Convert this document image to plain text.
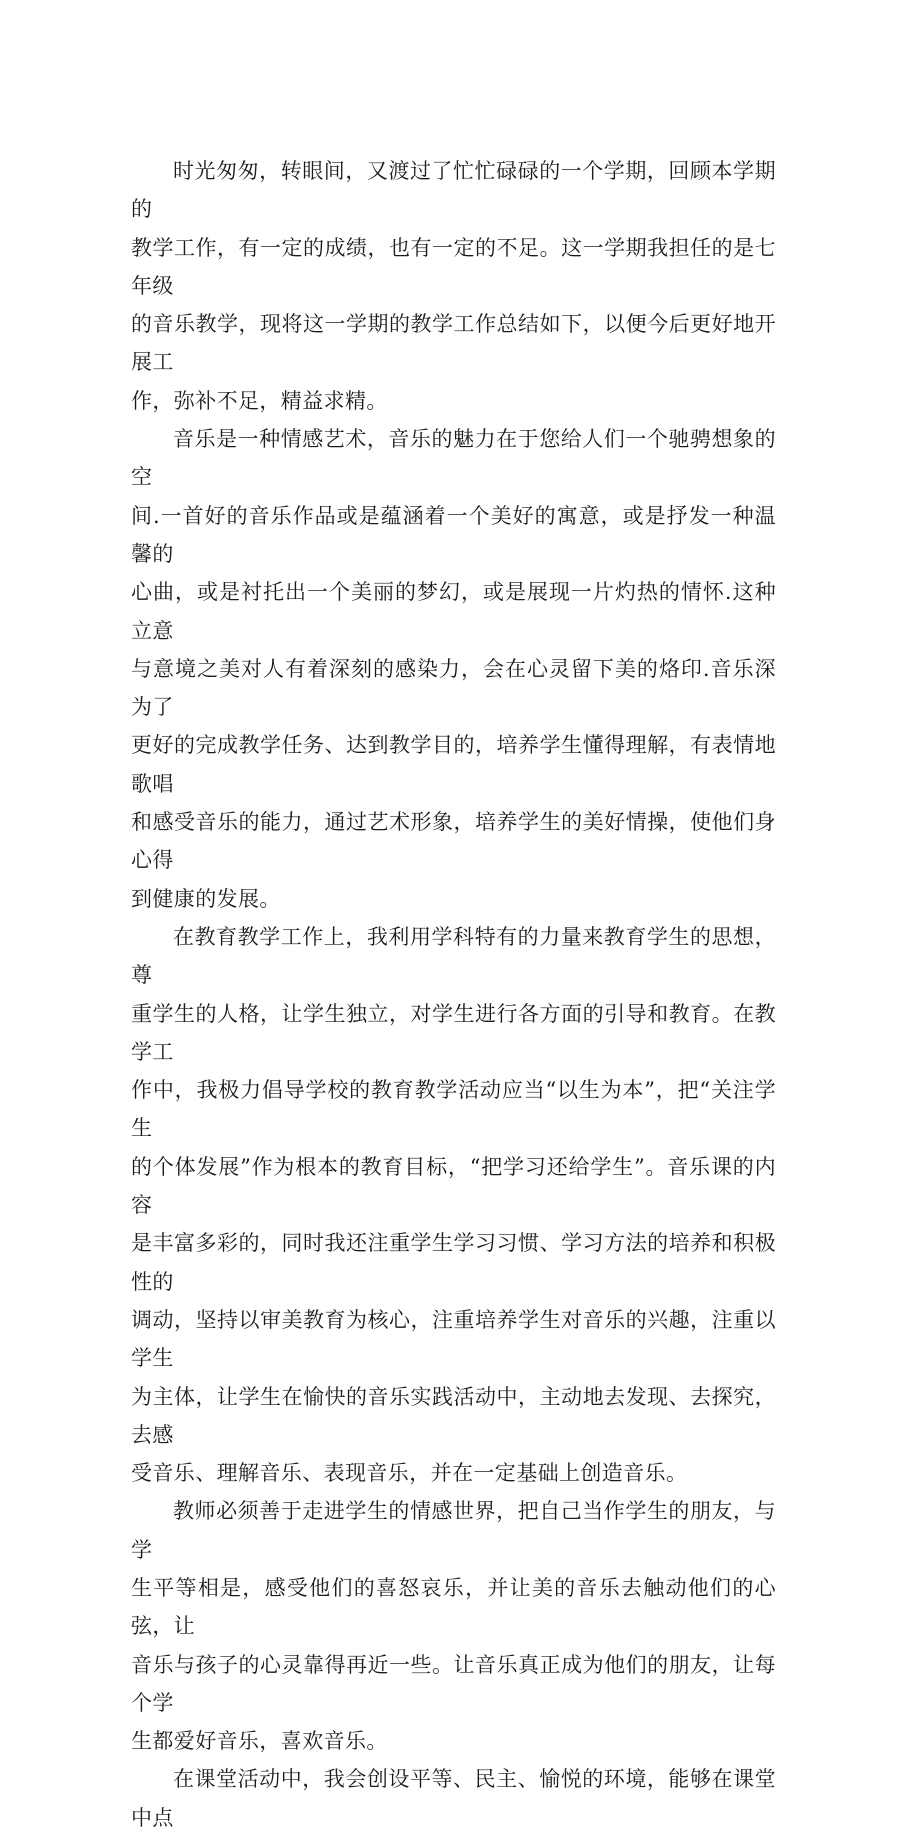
时光匆匆，转眼间，又渡过了忙忙碌碌的一个学期，回顾本学期的
教学工作，有一定的成绩，也有一定的不足。这一学期我担任的是七年级
的音乐教学，现将这一学期的教学工作总结如下，以便今后更好地开展工
作，弥补不足，精益求精。

音乐是一种情感艺术，音乐的魅力在于您给人们一个驰骋想象的空
间.一首好的音乐作品或是蕴涵着一个美好的寓意，或是抒发一种温馨的
心曲，或是衬托出一个美丽的梦幻，或是展现一片灼热的情怀.这种立意
与意境之美对人有着深刻的感染力，会在心灵留下美的烙印.音乐深为了
更好的完成教学任务、达到教学目的，培养学生懂得理解，有表情地歌唱
和感受音乐的能力，通过艺术形象，培养学生的美好情操，使他们身心得
到健康的发展。

在教育教学工作上，我利用学科特有的力量来教育学生的思想，尊
重学生的人格，让学生独立，对学生进行各方面的引导和教育。在教学工
作中，我极力倡导学校的教育教学活动应当“以生为本”，把“关注学生
的个体发展”作为根本的教育目标，“把学习还给学生”。音乐课的内容
是丰富多彩的，同时我还注重学生学习习惯、学习方法的培养和积极性的
调动，坚持以审美教育为核心，注重培养学生对音乐的兴趣，注重以学生
为主体，让学生在愉快的音乐实践活动中，主动地去发现、去探究，去感
受音乐、理解音乐、表现音乐，并在一定基础上创造音乐。

教师必须善于走进学生的情感世界，把自己当作学生的朋友，与学
生平等相是，感受他们的喜怒哀乐，并让美的音乐去触动他们的心弦，让
音乐与孩子的心灵靠得再近一些。让音乐真正成为他们的朋友，让每个学
生都爱好音乐，喜欢音乐。

在课堂活动中，我会创设平等、民主、愉悦的环境，能够在课堂中点
